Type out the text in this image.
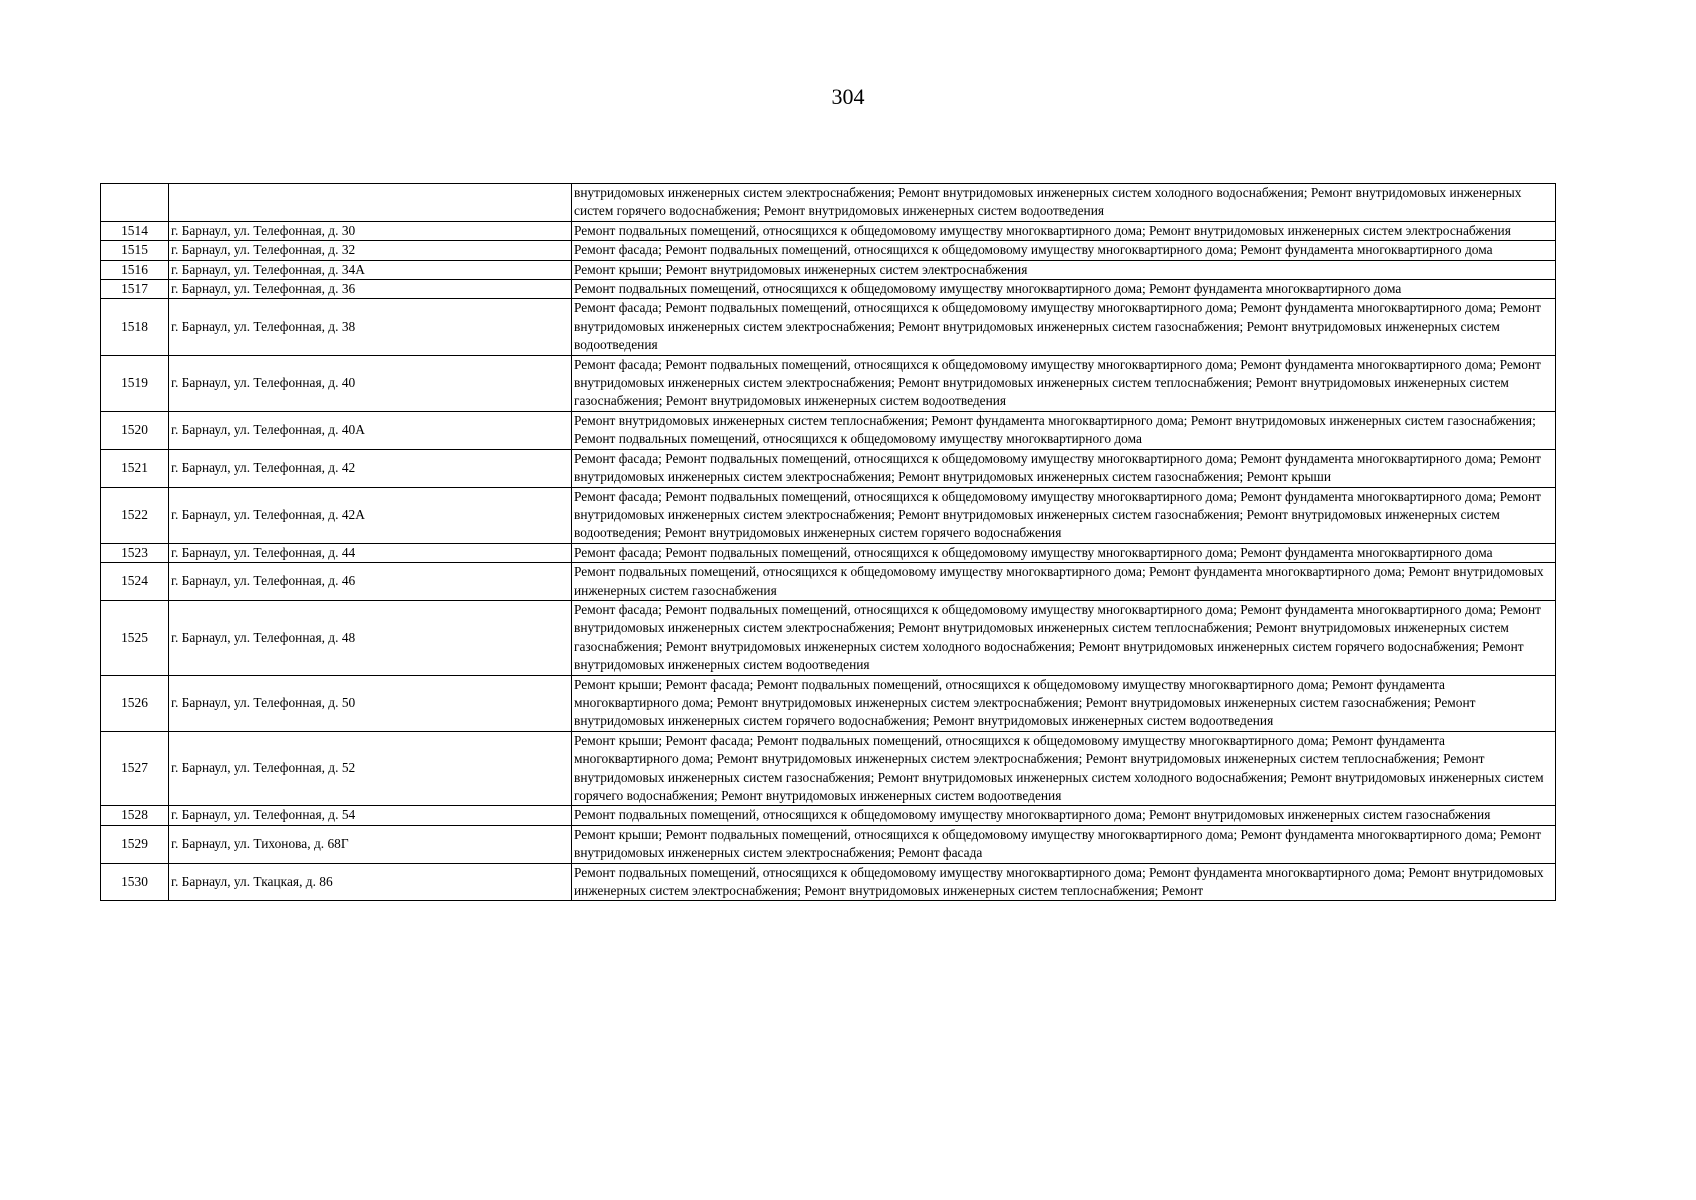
304
		внутридомовых инженерных систем электроснабжения; Ремонт внутридомовых инженерных систем холодного водоснабжения; Ремонт внутридомовых инженерных систем горячего водоснабжения; Ремонт внутридомовых инженерных систем водоотведения
1514	г. Барнаул, ул. Телефонная, д. 30	Ремонт подвальных помещений, относящихся к общедомовому имуществу многоквартирного дома; Ремонт внутридомовых инженерных систем электроснабжения
1515	г. Барнаул, ул. Телефонная, д. 32	Ремонт фасада; Ремонт подвальных помещений, относящихся к общедомовому имуществу многоквартирного дома; Ремонт фундамента многоквартирного дома
1516	г. Барнаул, ул. Телефонная, д. 34А	Ремонт крыши; Ремонт внутридомовых инженерных систем электроснабжения
1517	г. Барнаул, ул. Телефонная, д. 36	Ремонт подвальных помещений, относящихся к общедомовому имуществу многоквартирного дома; Ремонт фундамента многоквартирного дома
1518	г. Барнаул, ул. Телефонная, д. 38	Ремонт фасада; Ремонт подвальных помещений, относящихся к общедомовому имуществу многоквартирного дома; Ремонт фундамента многоквартирного дома; Ремонт внутридомовых инженерных систем электроснабжения; Ремонт внутридомовых инженерных систем газоснабжения; Ремонт внутридомовых инженерных систем водоотведения
1519	г. Барнаул, ул. Телефонная, д. 40	Ремонт фасада; Ремонт подвальных помещений, относящихся к общедомовому имуществу многоквартирного дома; Ремонт фундамента многоквартирного дома; Ремонт внутридомовых инженерных систем электроснабжения; Ремонт внутридомовых инженерных систем теплоснабжения; Ремонт внутридомовых инженерных систем газоснабжения; Ремонт внутридомовых инженерных систем водоотведения
1520	г. Барнаул, ул. Телефонная, д. 40А	Ремонт внутридомовых инженерных систем теплоснабжения; Ремонт фундамента многоквартирного дома; Ремонт внутридомовых инженерных систем газоснабжения; Ремонт подвальных помещений, относящихся к общедомовому имуществу многоквартирного дома
1521	г. Барнаул, ул. Телефонная, д. 42	Ремонт фасада; Ремонт подвальных помещений, относящихся к общедомовому имуществу многоквартирного дома; Ремонт фундамента многоквартирного дома; Ремонт внутридомовых инженерных систем электроснабжения; Ремонт внутридомовых инженерных систем газоснабжения; Ремонт крыши
1522	г. Барнаул, ул. Телефонная, д. 42А	Ремонт фасада; Ремонт подвальных помещений, относящихся к общедомовому имуществу многоквартирного дома; Ремонт фундамента многоквартирного дома; Ремонт внутридомовых инженерных систем электроснабжения; Ремонт внутридомовых инженерных систем газоснабжения; Ремонт внутридомовых инженерных систем водоотведения; Ремонт внутридомовых инженерных систем горячего водоснабжения
1523	г. Барнаул, ул. Телефонная, д. 44	Ремонт фасада; Ремонт подвальных помещений, относящихся к общедомовому имуществу многоквартирного дома; Ремонт фундамента многоквартирного дома
1524	г. Барнаул, ул. Телефонная, д. 46	Ремонт подвальных помещений, относящихся к общедомовому имуществу многоквартирного дома; Ремонт фундамента многоквартирного дома; Ремонт внутридомовых инженерных систем газоснабжения
1525	г. Барнаул, ул. Телефонная, д. 48	Ремонт фасада; Ремонт подвальных помещений, относящихся к общедомовому имуществу многоквартирного дома; Ремонт фундамента многоквартирного дома; Ремонт внутридомовых инженерных систем электроснабжения; Ремонт внутридомовых инженерных систем теплоснабжения; Ремонт внутридомовых инженерных систем газоснабжения; Ремонт внутридомовых инженерных систем холодного водоснабжения; Ремонт внутридомовых инженерных систем горячего водоснабжения; Ремонт внутридомовых инженерных систем водоотведения
1526	г. Барнаул, ул. Телефонная, д. 50	Ремонт крыши; Ремонт фасада; Ремонт подвальных помещений, относящихся к общедомовому имуществу многоквартирного дома; Ремонт фундамента многоквартирного дома; Ремонт внутридомовых инженерных систем электроснабжения; Ремонт внутридомовых инженерных систем газоснабжения; Ремонт внутридомовых инженерных систем горячего водоснабжения; Ремонт внутридомовых инженерных систем водоотведения
1527	г. Барнаул, ул. Телефонная, д. 52	Ремонт крыши; Ремонт фасада; Ремонт подвальных помещений, относящихся к общедомовому имуществу многоквартирного дома; Ремонт фундамента многоквартирного дома; Ремонт внутридомовых инженерных систем электроснабжения; Ремонт внутридомовых инженерных систем теплоснабжения; Ремонт внутридомовых инженерных систем газоснабжения; Ремонт внутридомовых инженерных систем холодного водоснабжения; Ремонт внутридомовых инженерных систем горячего водоснабжения; Ремонт внутридомовых инженерных систем водоотведения
1528	г. Барнаул, ул. Телефонная, д. 54	Ремонт подвальных помещений, относящихся к общедомовому имуществу многоквартирного дома; Ремонт внутридомовых инженерных систем газоснабжения
1529	г. Барнаул, ул. Тихонова, д. 68Г	Ремонт крыши; Ремонт подвальных помещений, относящихся к общедомовому имуществу многоквартирного дома; Ремонт фундамента многоквартирного дома; Ремонт внутридомовых инженерных систем электроснабжения; Ремонт фасада
1530	г. Барнаул, ул. Ткацкая, д. 86	Ремонт подвальных помещений, относящихся к общедомовому имуществу многоквартирного дома; Ремонт фундамента многоквартирного дома; Ремонт внутридомовых инженерных систем электроснабжения; Ремонт внутридомовых инженерных систем теплоснабжения; Ремонт
